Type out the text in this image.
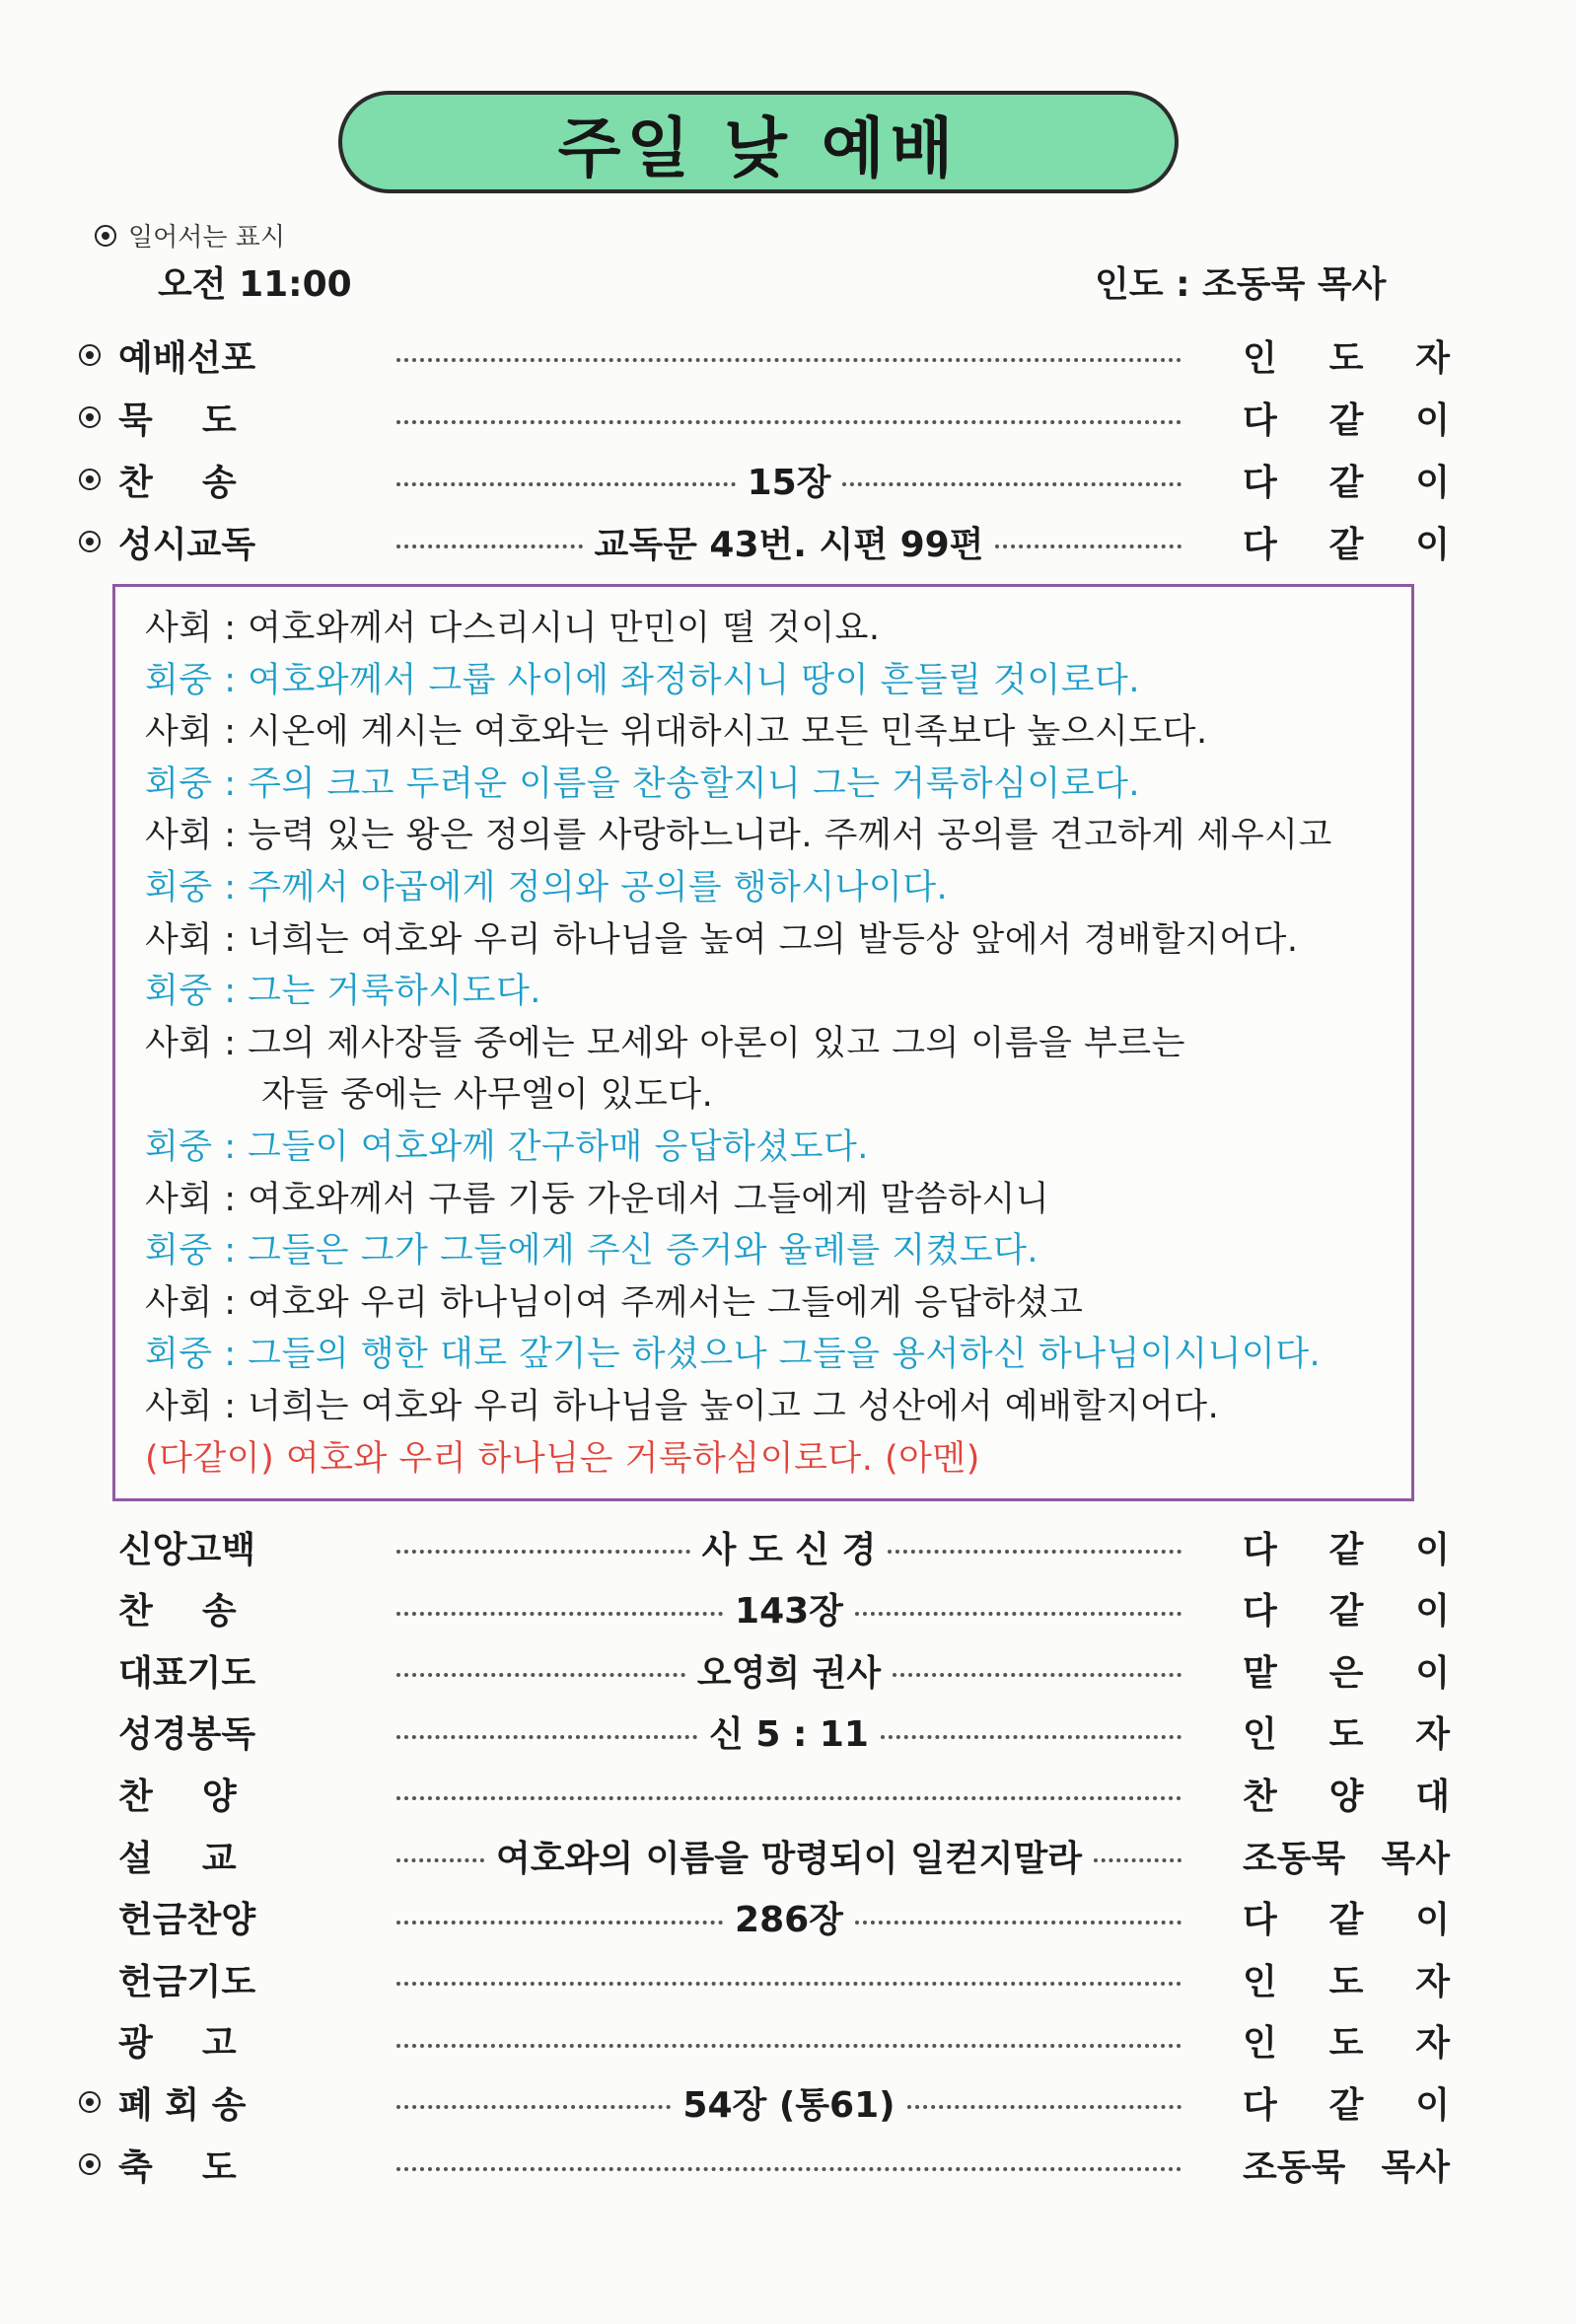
주일 낮 예배
일어서는 표시
오전 11:00	인도 : 조동묵 목사
예배선포	인 도 자
묵    도	다 같 이
찬    송	15장	다 같 이
성시교독	교독문 43번. 시편 99편	다 같 이
사회 : 여호와께서 다스리시니 만민이 떨 것이요.
회중 : 여호와께서 그룹 사이에 좌정하시니 땅이 흔들릴 것이로다.
사회 : 시온에 계시는 여호와는 위대하시고 모든 민족보다 높으시도다.
회중 : 주의 크고 두려운 이름을 찬송할지니 그는 거룩하심이로다.
사회 : 능력 있는 왕은 정의를 사랑하느니라. 주께서 공의를 견고하게 세우시고
회중 : 주께서 야곱에게 정의와 공의를 행하시나이다.
사회 : 너희는 여호와 우리 하나님을 높여 그의 발등상 앞에서 경배할지어다.
회중 : 그는 거룩하시도다.
사회 : 그의 제사장들 중에는 모세와 아론이 있고 그의 이름을 부르는
자들 중에는 사무엘이 있도다.
회중 : 그들이 여호와께 간구하매 응답하셨도다.
사회 : 여호와께서 구름 기둥 가운데서 그들에게 말씀하시니
회중 : 그들은 그가 그들에게 주신 증거와 율례를 지켰도다.
사회 : 여호와 우리 하나님이여 주께서는 그들에게 응답하셨고
회중 : 그들의 행한 대로 갚기는 하셨으나 그들을 용서하신 하나님이시니이다.
사회 : 너희는 여호와 우리 하나님을 높이고 그 성산에서 예배할지어다.
(다같이) 여호와 우리 하나님은 거룩하심이로다. (아멘)
신앙고백	사 도 신 경	다 같 이
찬    송	143장	다 같 이
대표기도	오영희 권사	맡 은 이
성경봉독	신 5 : 11	인 도 자
찬    양	찬 양 대
설    교	여호와의 이름을 망령되이 일컫지말라	조동묵 목사
헌금찬양	286장	다 같 이
헌금기도	인 도 자
광    고	인 도 자
폐 회 송	54장 (통61)	다 같 이
축    도	조동묵 목사
